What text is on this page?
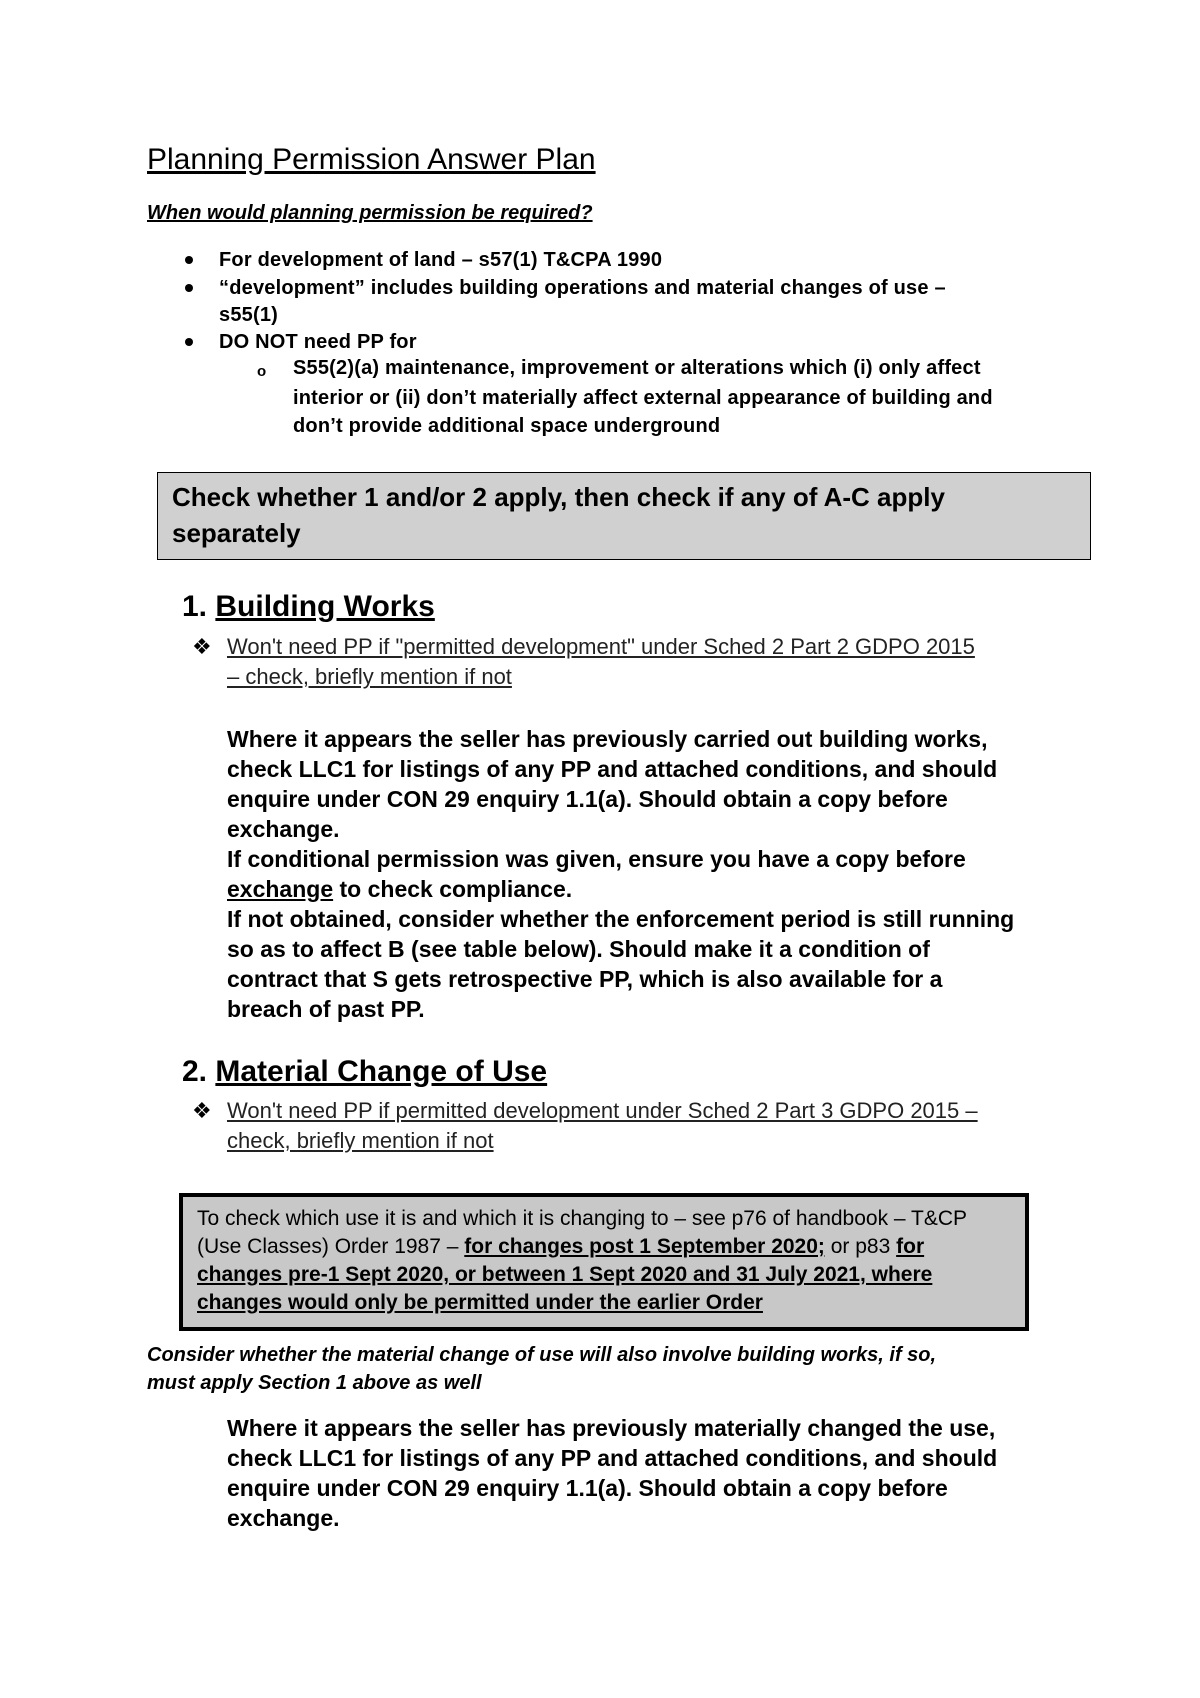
Planning Permission Answer Plan
When would planning permission be required?
For development of land – s57(1) T&CPA 1990
“development” includes building operations and material changes of use –
s55(1)
DO NOT need PP for
o S55(2)(a) maintenance, improvement or alterations which (i) only affect
interior or (ii) don’t materially affect external appearance of building and
don’t provide additional space underground
Check whether 1 and/or 2 apply, then check if any of A-C apply
separately
1. Building Works
❖ Won't need PP if "permitted development" under Sched 2 Part 2 GDPO 2015
– check, briefly mention if not
Where it appears the seller has previously carried out building works,
check LLC1 for listings of any PP and attached conditions, and should
enquire under CON 29 enquiry 1.1(a). Should obtain a copy before
exchange.
If conditional permission was given, ensure you have a copy before
exchange to check compliance.
If not obtained, consider whether the enforcement period is still running
so as to affect B (see table below). Should make it a condition of
contract that S gets retrospective PP, which is also available for a
breach of past PP.
2. Material Change of Use
❖ Won't need PP if permitted development under Sched 2 Part 3 GDPO 2015 –
check, briefly mention if not
To check which use it is and which it is changing to – see p76 of handbook – T&CP
(Use Classes) Order 1987 – for changes post 1 September 2020; or p83 for
changes pre-1 Sept 2020, or between 1 Sept 2020 and 31 July 2021, where
changes would only be permitted under the earlier Order
Consider whether the material change of use will also involve building works, if so,
must apply Section 1 above as well
Where it appears the seller has previously materially changed the use,
check LLC1 for listings of any PP and attached conditions, and should
enquire under CON 29 enquiry 1.1(a). Should obtain a copy before
exchange.
